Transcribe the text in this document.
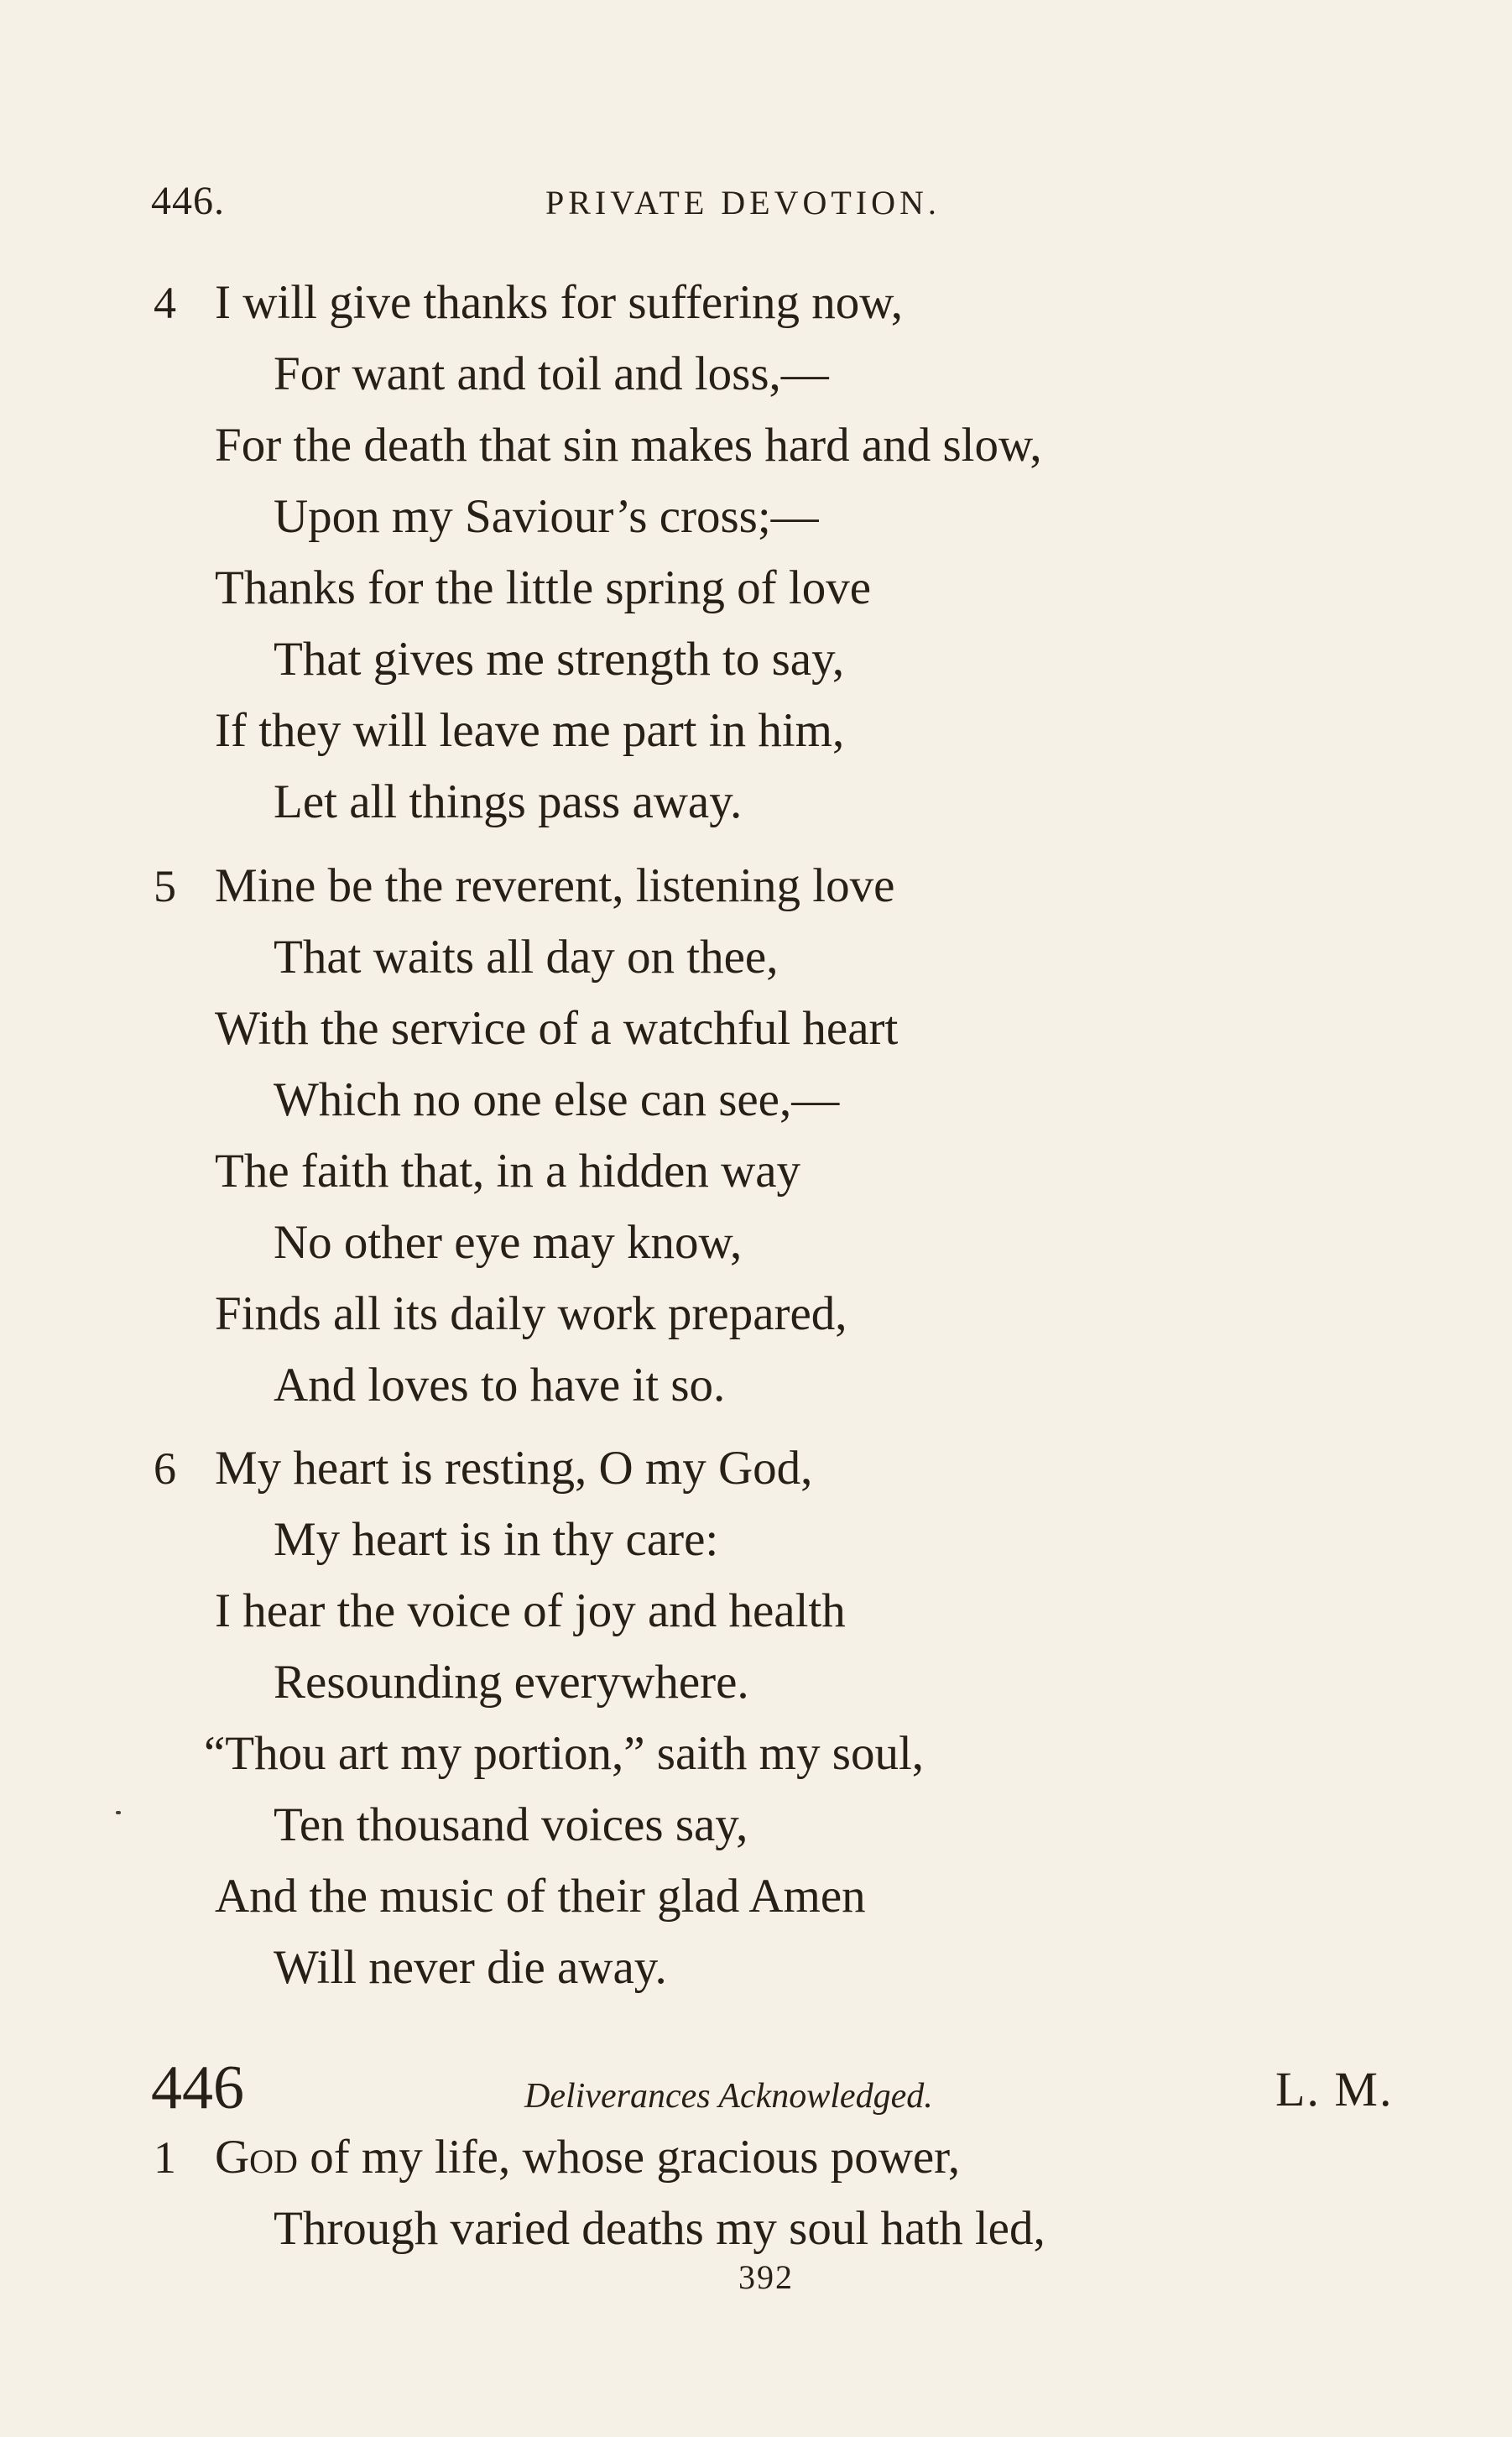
446.	PRIVATE DEVOTION.
4 I will give thanks for suffering now,
For want and toil and loss,—
For the death that sin makes hard and slow,
Upon my Saviour’s cross;—
Thanks for the little spring of love
That gives me strength to say,
If they will leave me part in him,
Let all things pass away.
5 Mine be the reverent, listening love
That waits all day on thee,
With the service of a watchful heart
Which no one else can see,—
The faith that, in a hidden way
No other eye may know,
Finds all its daily work prepared,
And loves to have it so.
6 My heart is resting, O my God,
My heart is in thy care:
I hear the voice of joy and health
Resounding everywhere.
“Thou art my portion,” saith my soul,
Ten thousand voices say,
And the music of their glad Amen
Will never die away.
446	Deliverances Acknowledged.	L. M.
1 God of my life, whose gracious power,
Through varied deaths my soul hath led,
392
